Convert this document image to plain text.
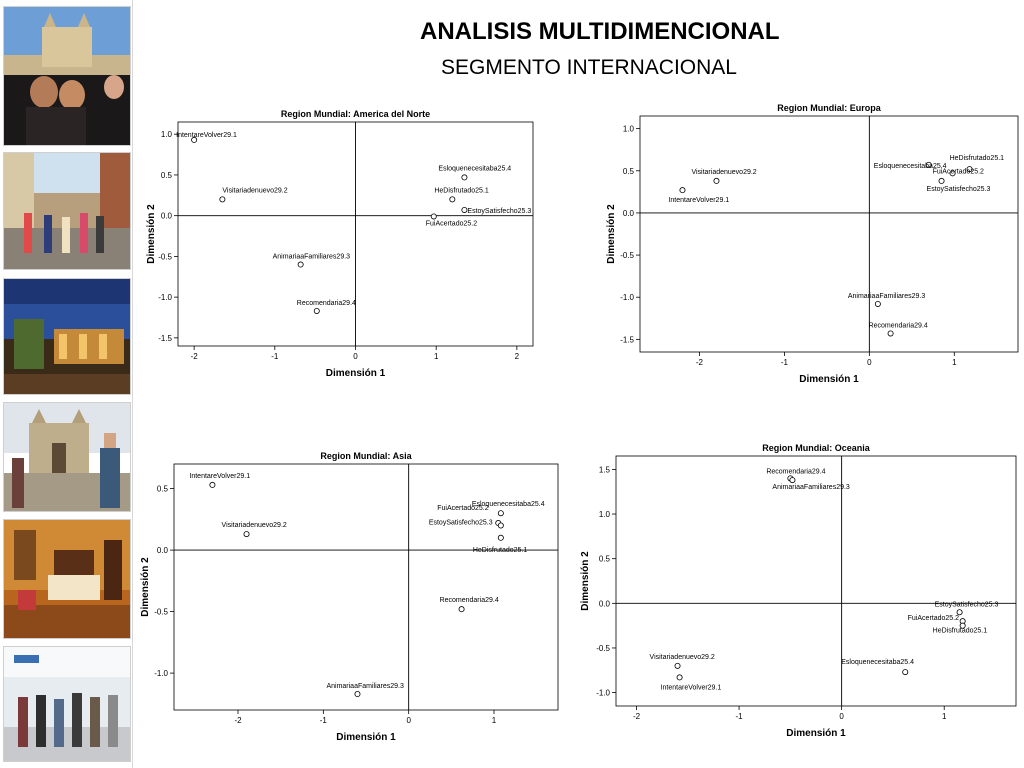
ANALISIS MULTIDIMENCIONAL
SEGMENTO INTERNACIONAL
Region Mundial: America del Norte
-2	-1	0	1	2
1.0
0.5
0.0
-0.5
-1.0
-1.5
Dimensión 1
Dimensión 2
IntentareVolver29.1
Visitariadenuevo29.2
AnimariaaFamiliares29.3
Recomendaria29.4
Esloquenecesitaba25.4
HeDisfrutado25.1
EstoySatisfecho25.3
FuiAcertado25.2
Region Mundial: Europa
-2	-1	0	1
1.0
0.5
0.0
-0.5
-1.0
-1.5
Dimensión 1
Dimensión 2
Visitariadenuevo29.2
IntentareVolver29.1
Esloquenecesitaba25.4
HeDisfrutado25.1
FuiAcertado25.2
EstoySatisfecho25.3
AnimariaaFamiliares29.3
Recomendaria29.4
Region Mundial: Asia
-2	-1	0	1
0.5
0.0
-0.5
-1.0
Dimensión 1
Dimensión 2
IntentareVolver29.1
Visitariadenuevo29.2
Esloquenecesitaba25.4
FuiAcertado25.2
EstoySatisfecho25.3
HeDisfrutado25.1
Recomendaria29.4
AnimariaaFamiliares29.3
Region Mundial: Oceania
-2	-1	0	1
1.5
1.0
0.5
0.0
-0.5
-1.0
Dimensión 1
Dimensión 2
Recomendaria29.4
AnimariaaFamiliares29.3
EstoySatisfecho25.3
FuiAcertado25.2
HeDisfrutado25.1
Esloquenecesitaba25.4
Visitariadenuevo29.2
IntentareVolver29.1
